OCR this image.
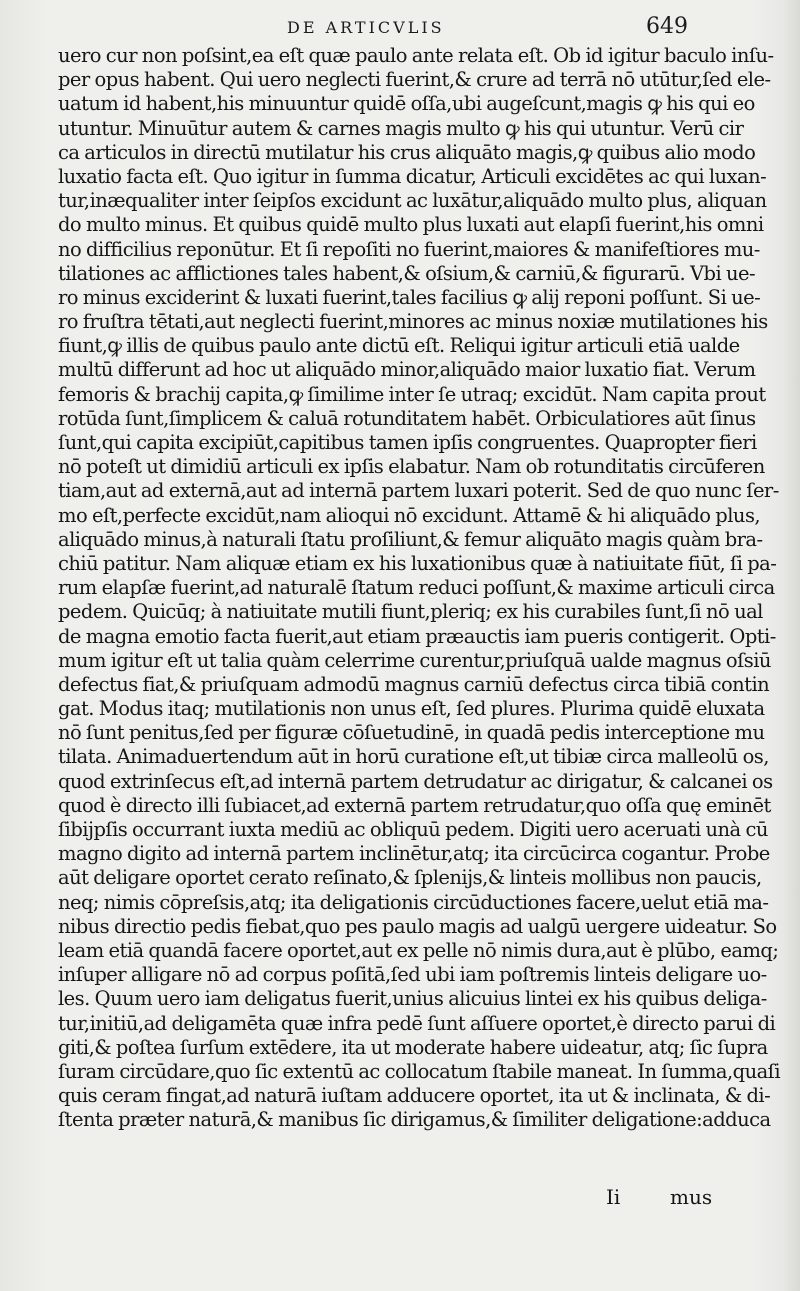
DE ARTICVLIS	649
uero cur non poſsint,ea eſt quæ paulo ante relata eſt. Ob id igitur baculo inſu-
per opus habent. Qui uero neglecti fuerint,& crure ad terrā nō utūtur,ſed ele-
uatum id habent,his minuuntur quidē oſſa,ubi augeſcunt,magis ꝙ his qui eo
utuntur. Minuūtur autem & carnes magis multo ꝙ his qui utuntur. Verū cir
ca articulos in directū mutilatur his crus aliquāto magis,ꝙ quibus alio modo
luxatio facta eſt. Quo igitur in ſumma dicatur, Articuli excidētes ac qui luxan-
tur,inæqualiter inter ſeipſos excidunt ac luxātur,aliquādo multo plus, aliquan
do multo minus. Et quibus quidē multo plus luxati aut elapſi fuerint,his omni
no difficilius reponūtur. Et ſi repoſiti no fuerint,maiores & manifeſtiores mu-
tilationes ac afflictiones tales habent,& oſsium,& carniū,& figurarū. Vbi ue-
ro minus exciderint & luxati fuerint,tales facilius ꝙ alij reponi poſſunt. Si ue-
ro fruſtra tētati,aut neglecti fuerint,minores ac minus noxiæ mutilationes his
fiunt,ꝙ illis de quibus paulo ante dictū eſt. Reliqui igitur articuli etiā ualde
multū differunt ad hoc ut aliquādo minor,aliquādo maior luxatio fiat. Verum
femoris & brachij capita,ꝙ ſimilime inter ſe utraq; excidūt. Nam capita prout
rotūda ſunt,ſimplicem & caluā rotunditatem habēt. Orbiculatiores aūt ſinus
ſunt,qui capita excipiūt,capitibus tamen ipſis congruentes. Quapropter fieri
nō poteſt ut dimidiū articuli ex ipſis elabatur. Nam ob rotunditatis circūferen
tiam,aut ad externā,aut ad internā partem luxari poterit. Sed de quo nunc ſer-
mo eſt,perfecte excidūt,nam alioqui nō excidunt. Attamē & hi aliquādo plus,
aliquādo minus,à naturali ſtatu proſiliunt,& femur aliquāto magis quàm bra-
chiū patitur. Nam aliquæ etiam ex his luxationibus quæ à natiuitate fiūt, ſi pa-
rum elapſæ fuerint,ad naturalē ſtatum reduci poſſunt,& maxime articuli circa
pedem. Quicūq; à natiuitate mutili fiunt,pleriq; ex his curabiles ſunt,ſi nō ual
de magna emotio facta fuerit,aut etiam præauctis iam pueris contigerit. Opti-
mum igitur eſt ut talia quàm celerrime curentur,priuſquā ualde magnus oſsiū
defectus fiat,& priuſquam admodū magnus carniū defectus circa tibiā contin
gat. Modus itaq; mutilationis non unus eſt, ſed plures. Plurima quidē eluxata
nō ſunt penitus,ſed per figuræ cōſuetudinē, in quadā pedis interceptione mu
tilata. Animaduertendum aūt in horū curatione eſt,ut tibiæ circa malleolū os,
quod extrinſecus eſt,ad internā partem detrudatur ac dirigatur, & calcanei os
quod è directo illi ſubiacet,ad externā partem retrudatur,quo oſſa quę eminēt
ſibijpſis occurrant iuxta mediū ac obliquū pedem. Digiti uero aceruati unà cū
magno digito ad internā partem inclinētur,atq; ita circūcirca cogantur. Probe
aūt deligare oportet cerato reſinato,& ſplenijs,& linteis mollibus non paucis,
neq; nimis cōpreſsis,atq; ita deligationis circūductiones facere,uelut etiā ma-
nibus directio pedis fiebat,quo pes paulo magis ad ualgū uergere uideatur. So
leam etiā quandā facere oportet,aut ex pelle nō nimis dura,aut è plūbo, eamq;
inſuper alligare nō ad corpus poſitā,ſed ubi iam poſtremis linteis deligare uo-
les. Quum uero iam deligatus fuerit,unius alicuius lintei ex his quibus deliga-
tur,initiū,ad deligamēta quæ infra pedē ſunt aſſuere oportet,è directo parui di
giti,& poſtea ſurſum extēdere, ita ut moderate habere uideatur, atq; ſic ſupra
ſuram circūdare,quo ſic extentū ac collocatum ſtabile maneat. In ſumma,quaſi
quis ceram fingat,ad naturā iuſtam adducere oportet, ita ut & inclinata, & di-
ſtenta præter naturā,& manibus ſic dirigamus,& ſimiliter deligatione:adduca
Ii mus
